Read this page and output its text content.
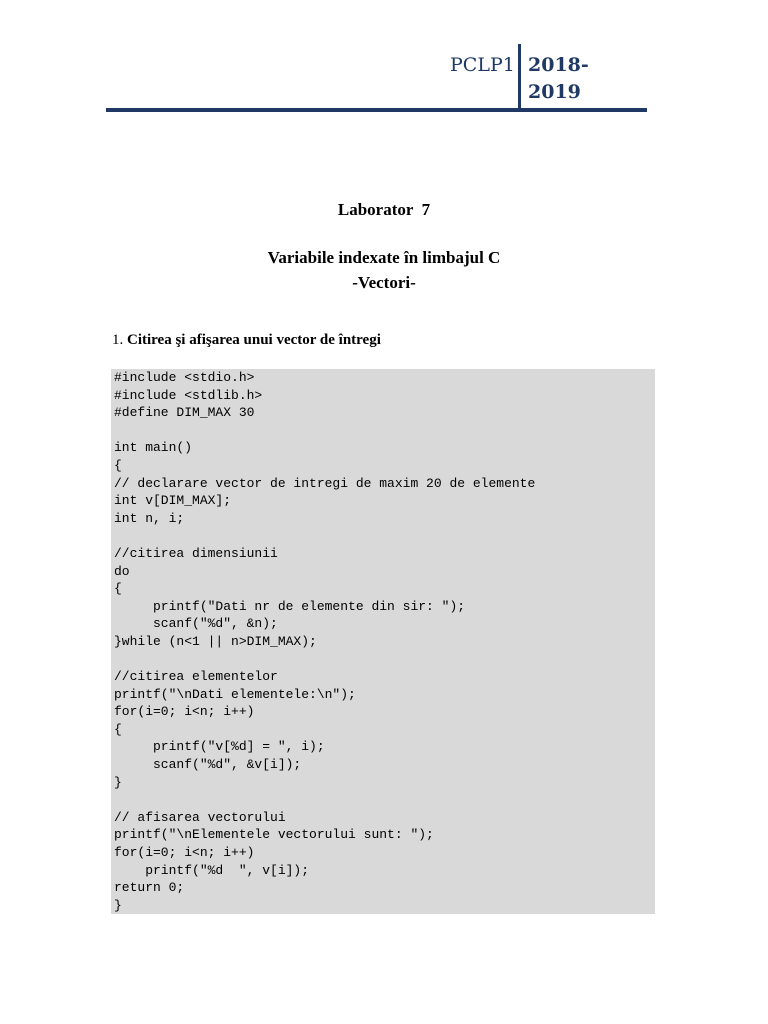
PCLP1 2018-
2019
Laborator  7
Variabile indexate în limbajul C
-Vectori-
1. Citirea şi afişarea unui vector de întregi
#include <stdio.h>
#include <stdlib.h>
#define DIM_MAX 30
int main()
{
// declarare vector de intregi de maxim 20 de elemente
int v[DIM_MAX];
int n, i;
//citirea dimensiunii
do
{
printf("Dati nr de elemente din sir: ");
scanf("%d", &n);
}while (n<1 || n>DIM_MAX);
//citirea elementelor
printf("\nDati elementele:\n");
for(i=0; i<n; i++)
{
printf("v[%d] = ", i);
scanf("%d", &v[i]);
}
// afisarea vectorului
printf("\nElementele vectorului sunt: ");
for(i=0; i<n; i++)
printf("%d  ", v[i]);
return 0;
}
